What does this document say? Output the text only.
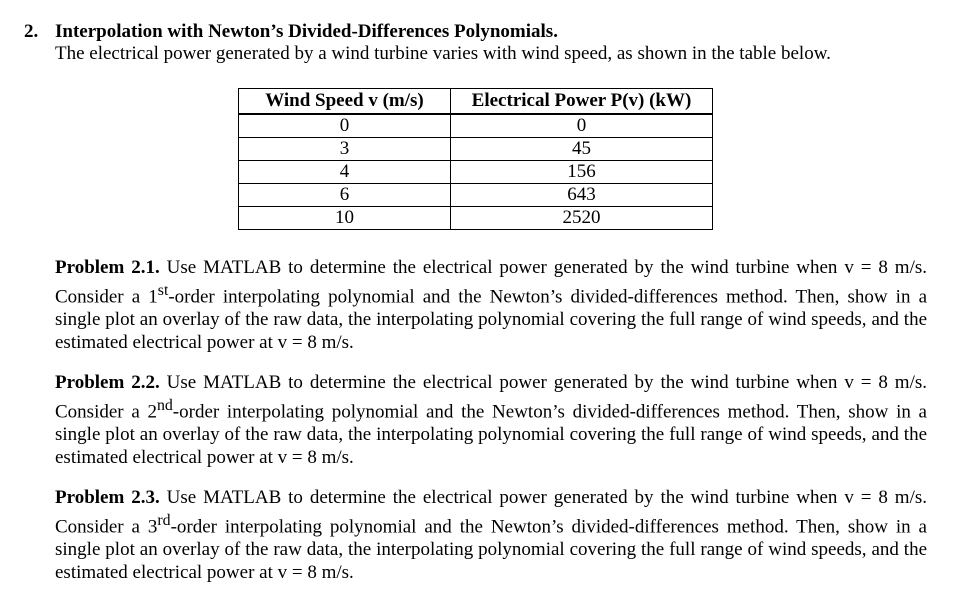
2. Interpolation with Newton’s Divided-Differences Polynomials.
The electrical power generated by a wind turbine varies with wind speed, as shown in the table below.
Wind Speed v (m/s)	Electrical Power P(v) (kW)
0	0
3	45
4	156
6	643
10	2520
Problem 2.1. Use MATLAB to determine the electrical power generated by the wind turbine when v = 8 m/s. Consider a 1st-order interpolating polynomial and the Newton’s divided-differences method. Then, show in a single plot an overlay of the raw data, the interpolating polynomial covering the full range of wind speeds, and the estimated electrical power at v = 8 m/s.
Problem 2.2. Use MATLAB to determine the electrical power generated by the wind turbine when v = 8 m/s. Consider a 2nd-order interpolating polynomial and the Newton’s divided-differences method. Then, show in a single plot an overlay of the raw data, the interpolating polynomial covering the full range of wind speeds, and the estimated electrical power at v = 8 m/s.
Problem 2.3. Use MATLAB to determine the electrical power generated by the wind turbine when v = 8 m/s. Consider a 3rd-order interpolating polynomial and the Newton’s divided-differences method. Then, show in a single plot an overlay of the raw data, the interpolating polynomial covering the full range of wind speeds, and the estimated electrical power at v = 8 m/s.
